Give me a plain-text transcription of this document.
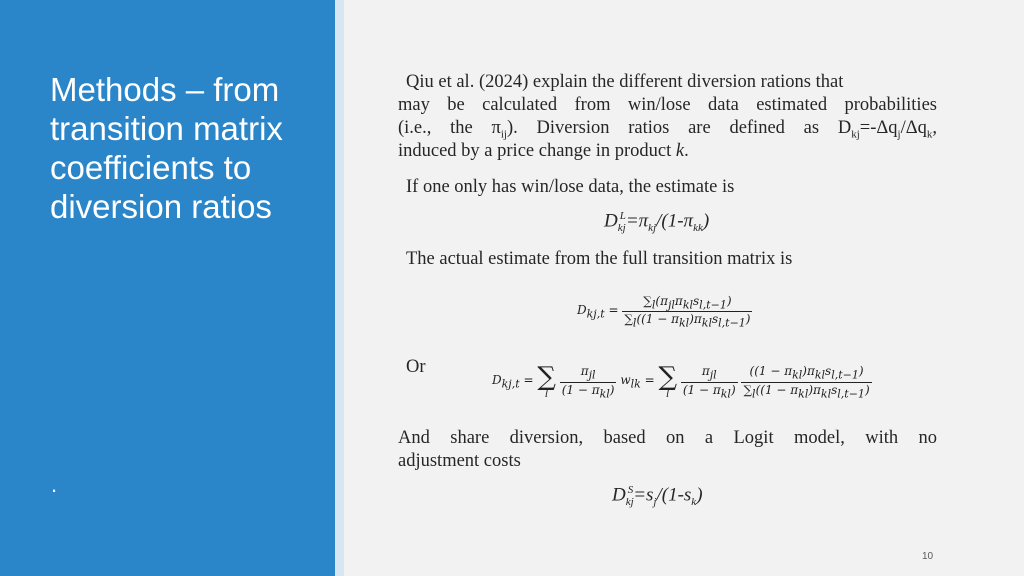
Methods – from transition matrix coefficients to diversion ratios
.

Qiu et al. (2024) explain the different diversion rations that

may be calculated from win/lose data estimated probabilities

(i.e., the $\pi_{ij}$). Diversion ratios are defined as $D_{kj}=-\Delta q_j/\Delta q_k$,

induced by a price change in product k.

If one only has win/lose data, the estimate is

$D_{kj}^L=\pi_{kj}/(1-\pi_{kk})$

The actual estimate from the full transition matrix is

$D_{kj,t} = \frac{\sum_l(\pi_{jl}\pi_{kl}s_{l,t-1})}{\sum_l((1 - \pi_{kl})\pi_{kl}s_{l,t-1})}$

Or

$D_{kj,t}$ = ∑
l
$\frac{\pi_{jl}}{(1 - \pi_{kl})} w_{lk}$ = ∑
l
$\frac{\pi_{jl}}{(1 - \pi_{kl})}$
$\frac{((1 - \pi_{kl})\pi_{kl}s_{l,t-1})}{\sum_l((1 - \pi_{kl})\pi_{kl}s_{l,t-1})}$

And share diversion, based on a Logit model, with no

adjustment costs

$D_{kj}^S=s_j/(1-s_k)$
10
